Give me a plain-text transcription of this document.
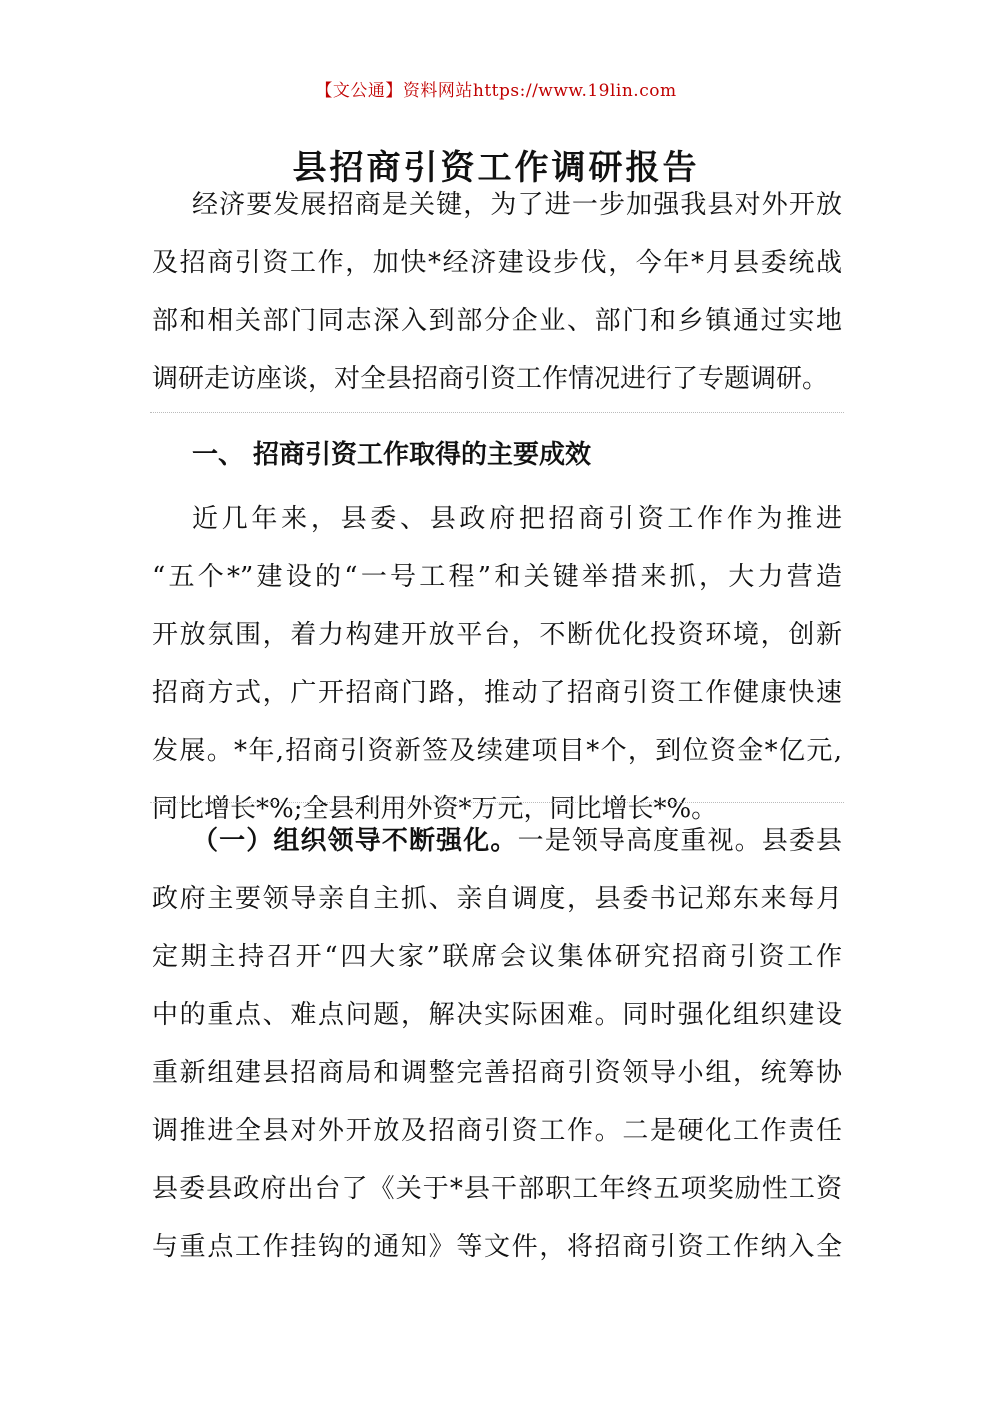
【文公通】资料网站https://www.19lin.com
县招商引资工作调研报告
经济要发展招商是关键，为了进一步加强我县对外开放
及招商引资工作，加快*经济建设步伐，今年*月县委统战
部和相关部门同志深入到部分企业、部门和乡镇通过实地
调研走访座谈，对全县招商引资工作情况进行了专题调研。
一、 招商引资工作取得的主要成效
近几年来，县委、县政府把招商引资工作作为推进
“五个*”建设的“一号工程”和关键举措来抓，大力营造
开放氛围，着力构建开放平台，不断优化投资环境，创新
招商方式，广开招商门路，推动了招商引资工作健康快速
发展。*年,招商引资新签及续建项目*个，到位资金*亿元,
同比增长*%;全县利用外资*万元，同比增长*%。
（一）组织领导不断强化。一是领导高度重视。县委县
政府主要领导亲自主抓、亲自调度，县委书记郑东来每月
定期主持召开“四大家”联席会议集体研究招商引资工作
中的重点、难点问题，解决实际困难。同时强化组织建设
重新组建县招商局和调整完善招商引资领导小组，统筹协
调推进全县对外开放及招商引资工作。二是硬化工作责任
县委县政府出台了《关于*县干部职工年终五项奖励性工资
与重点工作挂钩的通知》等文件，将招商引资工作纳入全
